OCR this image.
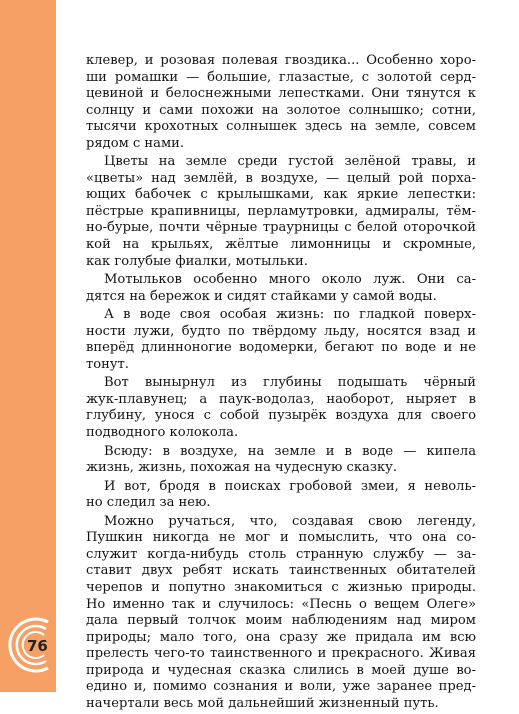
76
клевер, и розовая полевая гвоздика... Особенно хоро-
ши ромашки — большие, глазастые, с золотой серд-
цевиной и белоснежными лепестками. Они тянутся к
солнцу и сами похожи на золотое солнышко; сотни,
тысячи крохотных солнышек здесь на земле, совсем
рядом с нами.
Цветы на земле среди густой зелёной травы, и
«цветы» над землёй, в воздухе, — целый рой порха-
ющих бабочек с крылышками, как яркие лепестки:
пёстрые крапивницы, перламутровки, адмиралы, тём-
но-бурые, почти чёрные траурницы с белой оторочкой
кой на крыльях, жёлтые лимонницы и скромные,
как голубые фиалки, мотыльки.
Мотыльков особенно много около луж. Они са-
дятся на бережок и сидят стайками у самой воды.
А в воде своя особая жизнь: по гладкой поверх-
ности лужи, будто по твёрдому льду, носятся взад и
вперёд длинноногие водомерки, бегают по воде и не
тонут.
Вот вынырнул из глубины подышать чёрный
жук-плавунец; а паук-водолаз, наоборот, ныряет в
глубину, унося с собой пузырёк воздуха для своего
подводного колокола.
Всюду: в воздухе, на земле и в воде — кипела
жизнь, жизнь, похожая на чудесную сказку.
И вот, бродя в поисках гробовой змеи, я неволь-
но следил за нею.
Можно ручаться, что, создавая свою легенду,
Пушкин никогда не мог и помыслить, что она со-
служит когда-нибудь столь странную службу — за-
ставит двух ребят искать таинственных обитателей
черепов и попутно знакомиться с жизнью природы.
Но именно так и случилось: «Песнь о вещем Олеге»
дала первый толчок моим наблюдениям над миром
природы; мало того, она сразу же придала им всю
прелесть чего-то таинственного и прекрасного. Живая
природа и чудесная сказка слились в моей душе во-
едино и, помимо сознания и воли, уже заранее пред-
начертали весь мой дальнейший жизненный путь.
